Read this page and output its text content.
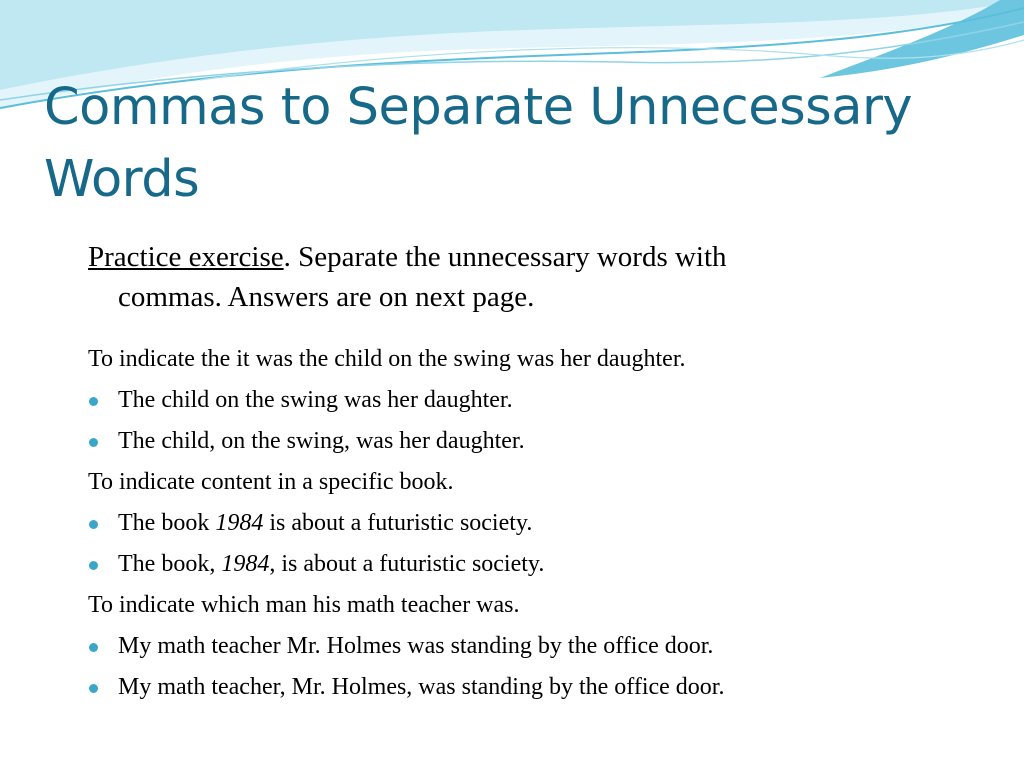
Commas to Separate Unnecessary Words
Practice exercise. Separate the unnecessary words with
commas. Answers are on next page.
To indicate the it was the child on the swing was her daughter.
The child on the swing was her daughter.
The child, on the swing, was her daughter.
To indicate content in a specific book.
The book 1984 is about a futuristic society.
The book, 1984, is about a futuristic society.
To indicate which man his math teacher was.
My math teacher Mr. Holmes was standing by the office door.
My math teacher, Mr. Holmes, was standing by the office door.
